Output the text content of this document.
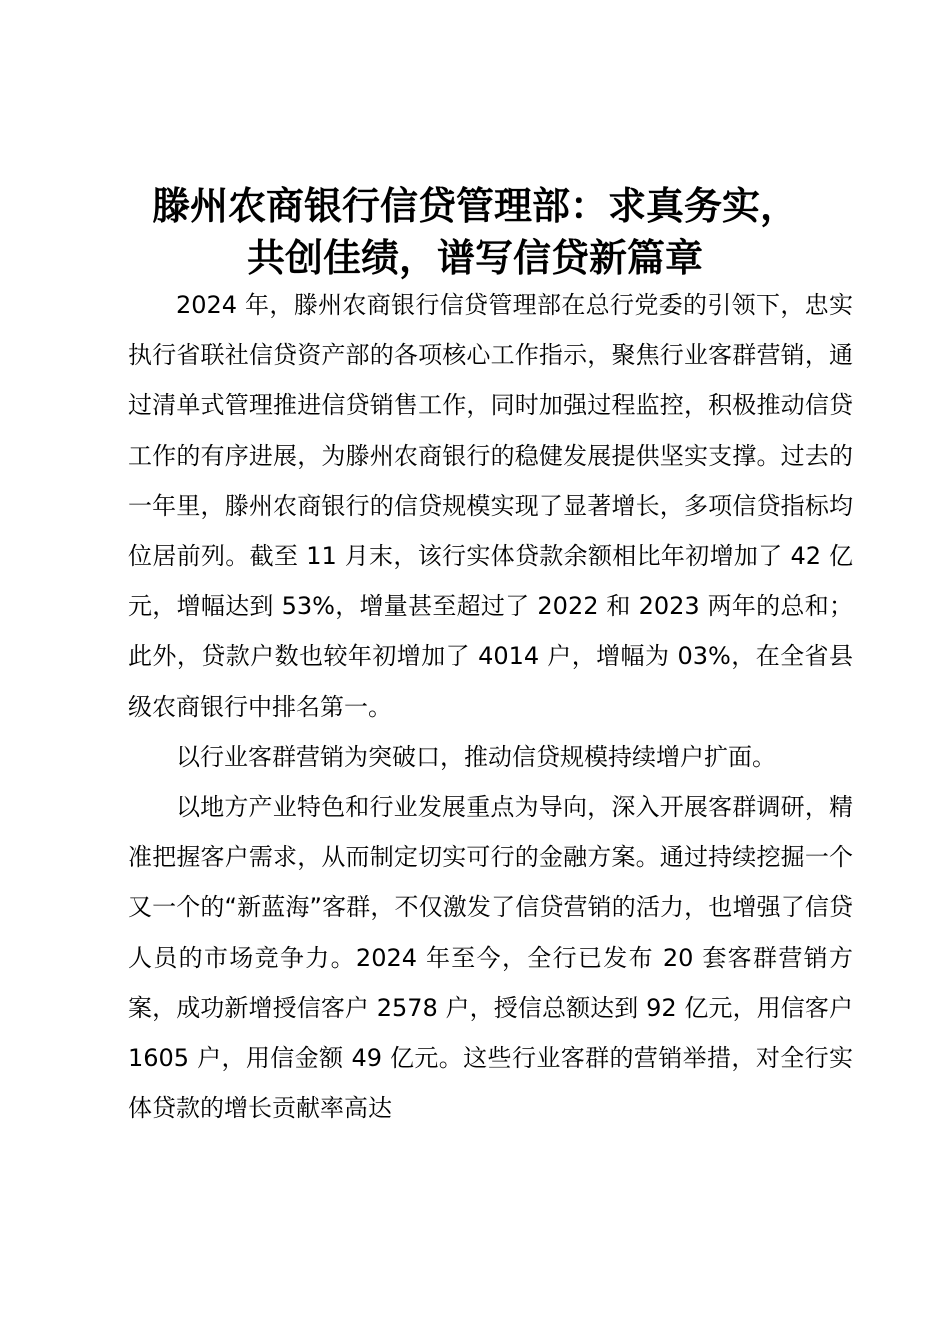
滕州农商银行信贷管理部：求真务实，
共创佳绩，谱写信贷新篇章

2024 年，滕州农商银行信贷管理部在总行党委的引领下，忠实执行省联社信贷资产部的各项核心工作指示，聚焦行业客群营销，通过清单式管理推进信贷销售工作，同时加强过程监控，积极推动信贷工作的有序进展，为滕州农商银行的稳健发展提供坚实支撑。过去的一年里，滕州农商银行的信贷规模实现了显著增长，多项信贷指标均位居前列。截至 11 月末，该行实体贷款余额相比年初增加了 42 亿元，增幅达到 53%，增量甚至超过了 2022 和 2023 两年的总和；此外，贷款户数也较年初增加了 4014 户，增幅为 03%，在全省县级农商银行中排名第一。

以行业客群营销为突破口，推动信贷规模持续增户扩面。

以地方产业特色和行业发展重点为导向，深入开展客群调研，精准把握客户需求，从而制定切实可行的金融方案。通过持续挖掘一个又一个的“新蓝海”客群，不仅激发了信贷营销的活力，也增强了信贷人员的市场竞争力。2024 年至今，全行已发布 20 套客群营销方案，成功新增授信客户 2578 户，授信总额达到 92 亿元，用信客户 1605 户，用信金额 49 亿元。这些行业客群的营销举措，对全行实体贷款的增长贡献率高达
